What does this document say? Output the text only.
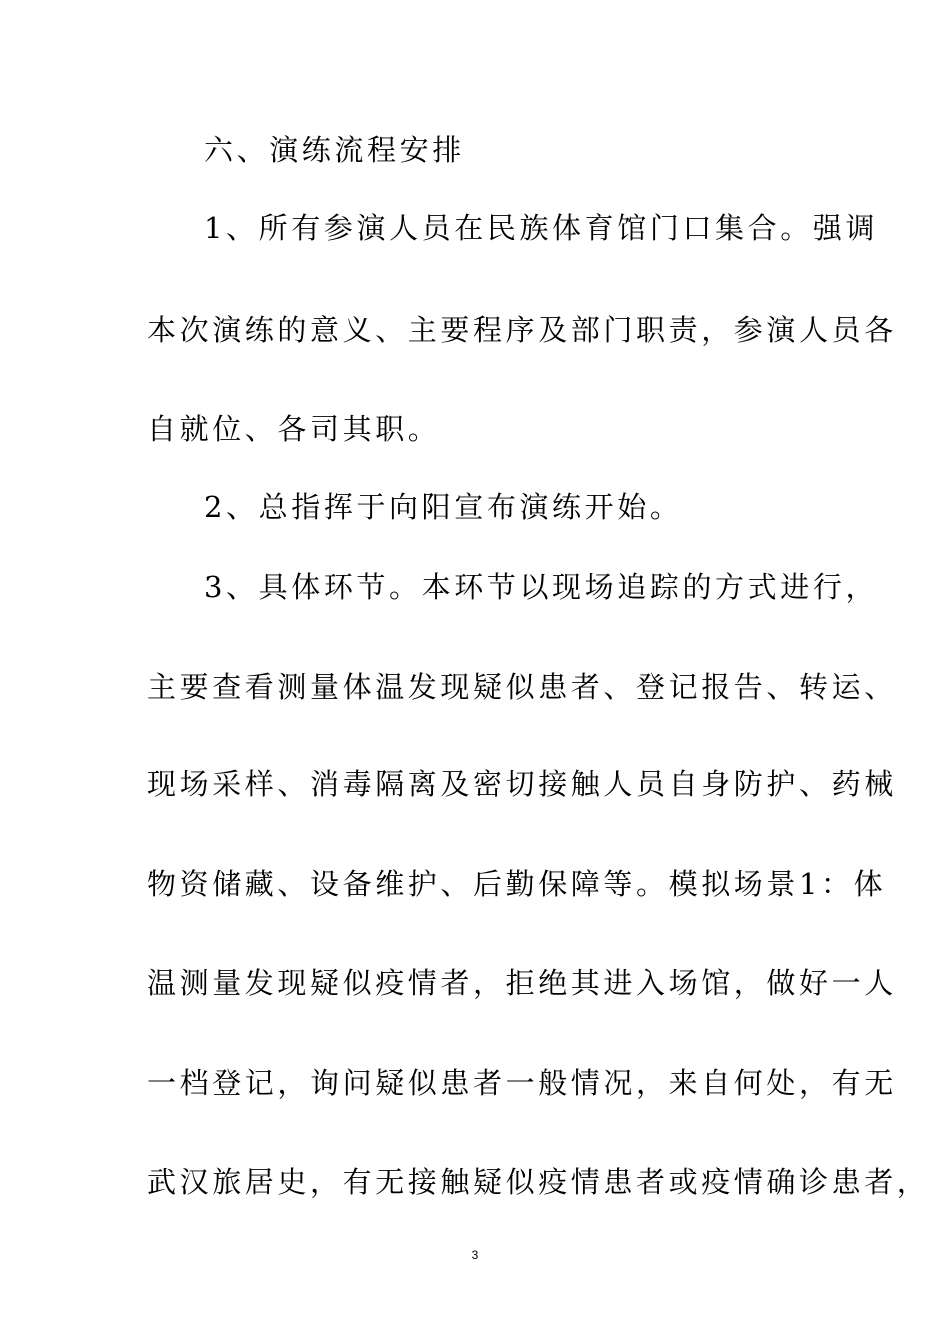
六、演练流程安排
1、所有参演人员在民族体育馆门口集合。强调
本次演练的意义、主要程序及部门职责，参演人员各
自就位、各司其职。
2、总指挥于向阳宣布演练开始。
3、具体环节。本环节以现场追踪的方式进行，
主要查看测量体温发现疑似患者、登记报告、转运、
现场采样、消毒隔离及密切接触人员自身防护、药械
物资储藏、设备维护、后勤保障等。模拟场景1：体
温测量发现疑似疫情者，拒绝其进入场馆，做好一人
一档登记，询问疑似患者一般情况，来自何处，有无
武汉旅居史，有无接触疑似疫情患者或疫情确诊患者，
3
